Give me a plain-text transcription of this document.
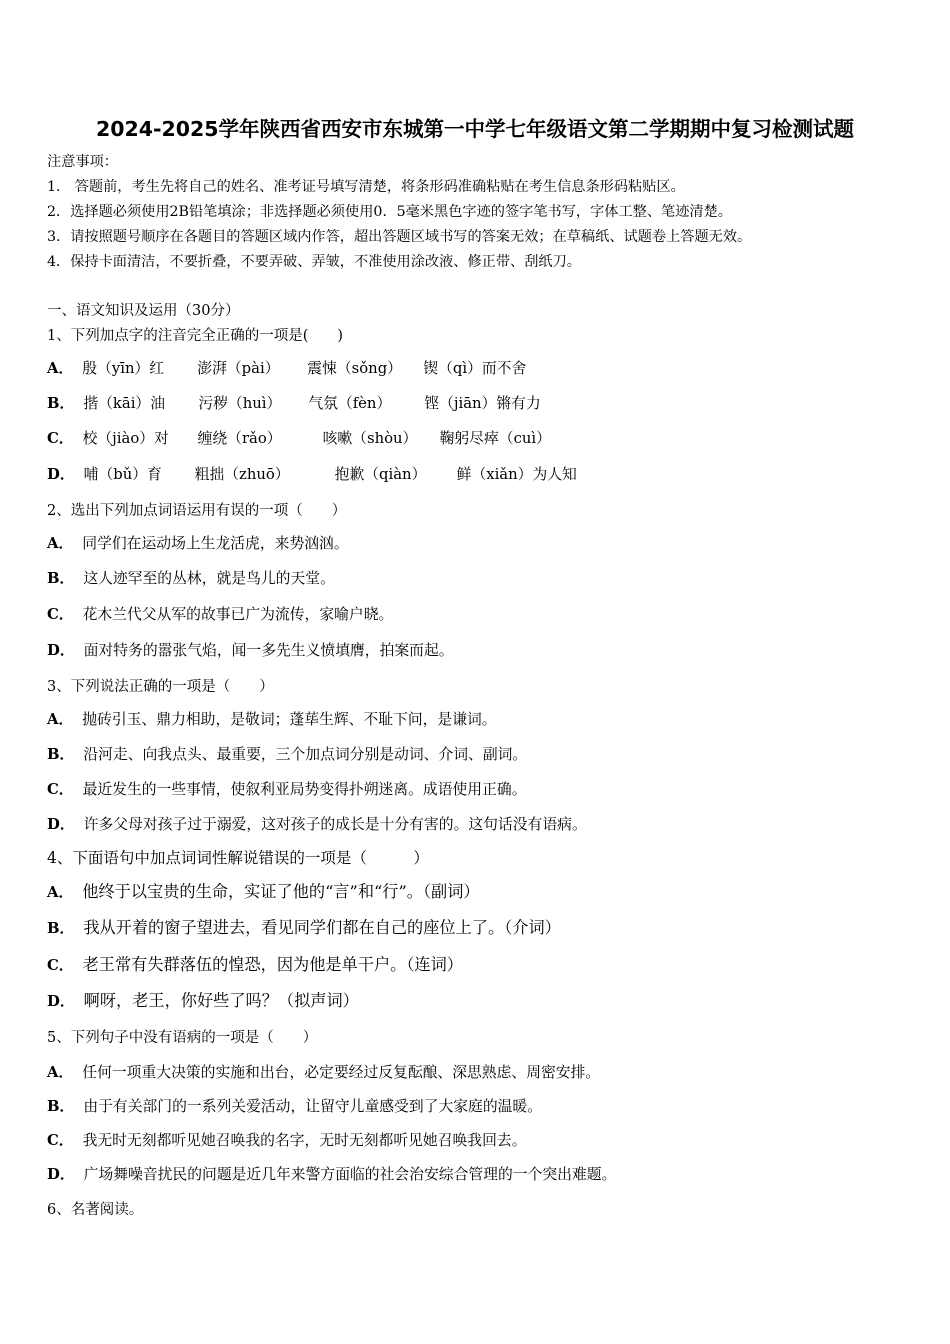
2024-2025学年陕西省西安市东城第一中学七年级语文第二学期期中复习检测试题
注意事项：
1． 答题前，考生先将自己的姓名、准考证号填写清楚，将条形码准确粘贴在考生信息条形码粘贴区。
2．选择题必须使用2B铅笔填涂；非选择题必须使用0．5毫米黑色字迹的签字笔书写，字体工整、笔迹清楚。
3．请按照题号顺序在各题目的答题区域内作答，超出答题区域书写的答案无效；在草稿纸、试题卷上答题无效。
4．保持卡面清洁，不要折叠，不要弄破、弄皱，不准使用涂改液、修正带、刮纸刀。
一、语文知识及运用（30分）
1、下列加点字的注音完全正确的一项是(　　)
A． 殷（yīn）红 澎湃（pài） 震悚（sǒng） 锲（qì）而不舍
B． 揩（kāi）油 污秽（huì） 气氛（fèn） 铿（jiān）锵有力
C． 校（jiào）对 缠绕（rǎo）	咳嗽（shòu） 鞠躬尽瘁（cuì）
D． 哺（bǔ）育 粗拙（zhuō）	抱歉（qiàn） 鲜（xiǎn）为人知
2、选出下列加点词语运用有误的一项（　　）
A． 同学们在运动场上生龙活虎，来势汹汹。
B． 这人迹罕至的丛林，就是鸟儿的天堂。
C． 花木兰代父从军的故事已广为流传，家喻户晓。
D． 面对特务的嚣张气焰，闻一多先生义愤填膺，拍案而起。
3、下列说法正确的一项是（　　）
A． 抛砖引玉、鼎力相助，是敬词；蓬荜生辉、不耻下问，是谦词。
B． 沿河走、向我点头、最重要，三个加点词分别是动词、介词、副词。
C． 最近发生的一些事情，使叙利亚局势变得扑朔迷离。成语使用正确。
D． 许多父母对孩子过于溺爱，这对孩子的成长是十分有害的。这句话没有语病。
4、下面语句中加点词词性解说错误的一项是（　　　）
A． 他终于以宝贵的生命，实证了他的“言”和“行”。（副词）
B． 我从开着的窗子望进去，看见同学们都在自己的座位上了。（介词）
C． 老王常有失群落伍的惶恐，因为他是单干户。（连词）
D． 啊呀，老王，你好些了吗？（拟声词）
5、下列句子中没有语病的一项是（　　）
A． 任何一项重大决策的实施和出台，必定要经过反复酝酿、深思熟虑、周密安排。
B． 由于有关部门的一系列关爱活动，让留守儿童感受到了大家庭的温暖。
C． 我无时无刻都听见她召唤我的名字，无时无刻都听见她召唤我回去。
D． 广场舞噪音扰民的问题是近几年来警方面临的社会治安综合管理的一个突出难题。
6、名著阅读。
